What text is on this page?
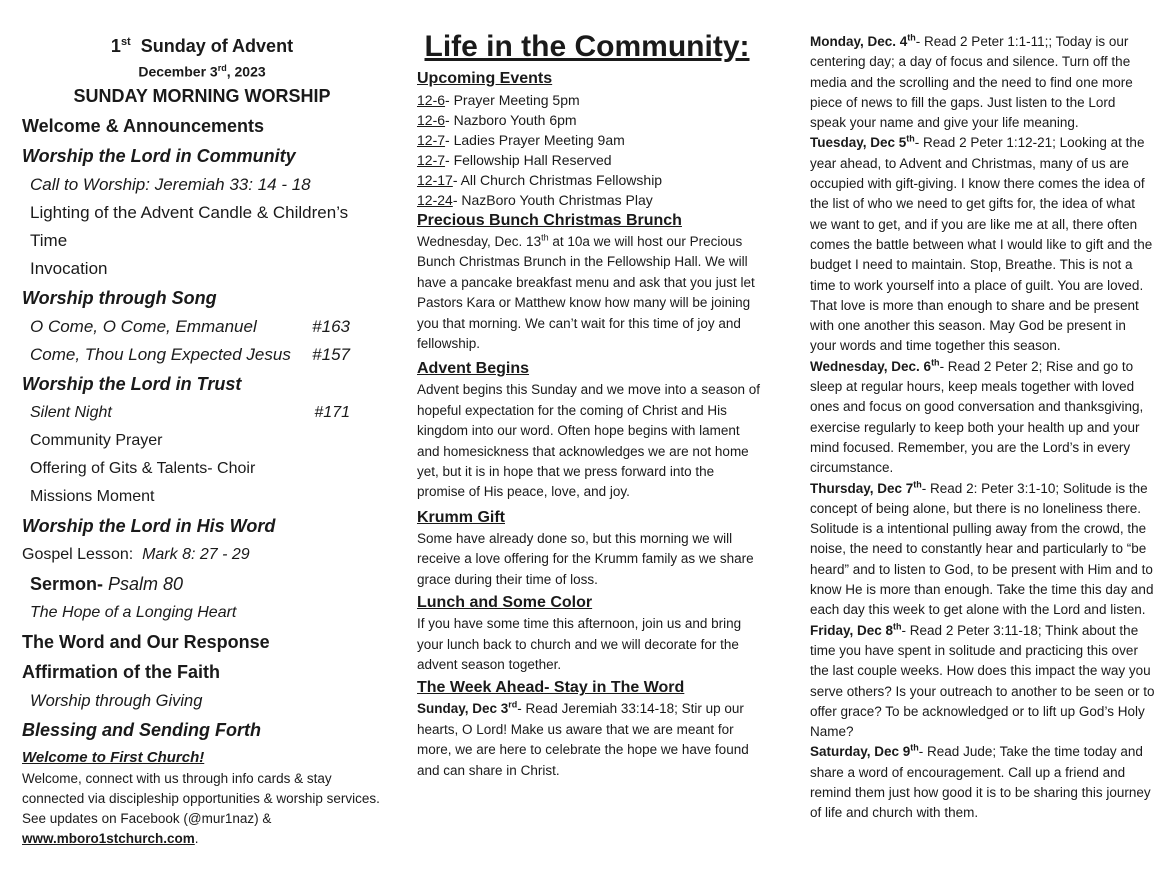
1st  Sunday of Advent
December 3rd, 2023
SUNDAY MORNING WORSHIP
Welcome & Announcements
Worship the Lord in Community
Call to Worship: Jeremiah 33: 14 - 18
Lighting of the Advent Candle & Children’s Time
Invocation
Worship through Song
O Come, O Come, Emmanuel	#163
Come, Thou Long Expected Jesus #157
Worship the Lord in Trust
Silent Night	#171
Community Prayer
Offering of Gits & Talents- Choir
Missions Moment
Worship the Lord in His Word
Gospel Lesson:  Mark 8: 27 - 29
Sermon- Psalm 80
The Hope of a Longing Heart
The Word and Our Response
Affirmation of the Faith
Worship through Giving
Blessing and Sending Forth
Welcome to First Church!
Welcome, connect with us through info cards & stay connected via discipleship opportunities & worship services. See updates on Facebook (@mur1naz) & www.mboro1stchurch.com.
Life in the Community:
Upcoming Events
12-6- Prayer Meeting 5pm
12-6- Nazboro Youth 6pm
12-7- Ladies Prayer Meeting 9am
12-7- Fellowship Hall Reserved
12-17- All Church Christmas Fellowship
12-24- NazBoro Youth Christmas Play
Precious Bunch Christmas Brunch
Wednesday, Dec. 13th at 10a we will host our Precious Bunch Christmas Brunch in the Fellowship Hall. We will have a pancake breakfast menu and ask that you just let Pastors Kara or Matthew know how many will be joining you that morning. We can’t wait for this time of joy and fellowship.
Advent Begins
Advent begins this Sunday and we move into a season of hopeful expectation for the coming of Christ and His kingdom into our word. Often hope begins with lament and homesickness that acknowledges we are not home yet, but it is in hope that we press forward into the promise of His peace, love, and joy.
Krumm Gift
Some have already done so, but this morning we will receive a love offering for the Krumm family as we share grace during their time of loss.
Lunch and Some Color
If you have some time this afternoon, join us and bring your lunch back to church and we will decorate for the advent season together.
The Week Ahead- Stay in The Word
Sunday, Dec 3rd- Read Jeremiah 33:14-18; Stir up our hearts, O Lord! Make us aware that we are meant for more, we are here to celebrate the hope we have found and can share in Christ.
Monday, Dec. 4th- Read 2 Peter 1:1-11;; Today is our centering day; a day of focus and silence. Turn off the media and the scrolling and the need to find one more piece of news to fill the gaps. Just listen to the Lord speak your name and give your life meaning.
Tuesday, Dec 5th- Read 2 Peter 1:12-21; Looking at the year ahead, to Advent and Christmas, many of us are occupied with gift-giving. I know there comes the idea of the list of who we need to get gifts for, the idea of what we want to get, and if you are like me at all, there often comes the battle between what I would like to gift and the budget I need to maintain. Stop, Breathe. This is not a time to work yourself into a place of guilt. You are loved. That love is more than enough to share and be present with one another this season. May God be present in your words and time together this season.
Wednesday, Dec. 6th- Read 2 Peter 2; Rise and go to sleep at regular hours, keep meals together with loved ones and focus on good conversation and thanksgiving, exercise regularly to keep both your health up and your mind focused. Remember, you are the Lord’s in every circumstance.
Thursday, Dec 7th- Read 2: Peter 3:1-10; Solitude is the concept of being alone, but there is no loneliness there. Solitude is a intentional pulling away from the crowd, the noise, the need to constantly hear and particularly to “be heard” and to listen to God, to be present with Him and to know He is more than enough. Take the time this day and each day this week to get alone with the Lord and listen.
Friday, Dec 8th- Read 2 Peter 3:11-18; Think about the time you have spent in solitude and practicing this over the last couple weeks. How does this impact the way you serve others? Is your outreach to another to be seen or to offer grace? To be acknowledged or to lift up God’s Holy Name?
Saturday, Dec 9th- Read Jude; Take the time today and share a word of encouragement. Call up a friend and remind them just how good it is to be sharing this journey of life and church with them.
